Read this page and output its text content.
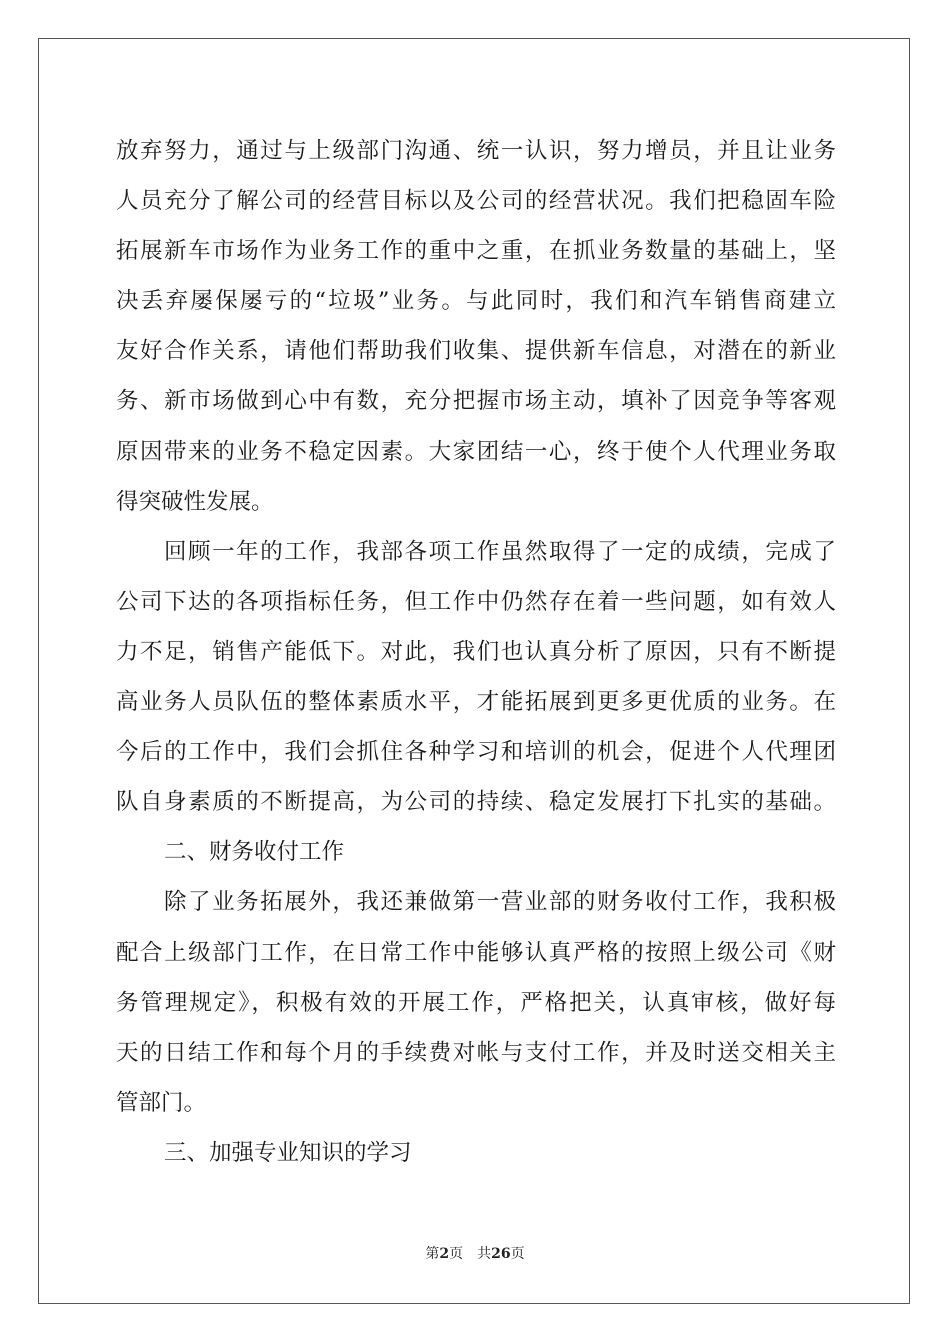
放弃努力，通过与上级部门沟通、统一认识，努力增员，并且让业务
人员充分了解公司的经营目标以及公司的经营状况。我们把稳固车险
拓展新车市场作为业务工作的重中之重，在抓业务数量的基础上，坚
决丢弃屡保屡亏的“垃圾”业务。与此同时，我们和汽车销售商建立
友好合作关系，请他们帮助我们收集、提供新车信息，对潜在的新业
务、新市场做到心中有数，充分把握市场主动，填补了因竞争等客观
原因带来的业务不稳定因素。大家团结一心，终于使个人代理业务取
得突破性发展。
回顾一年的工作，我部各项工作虽然取得了一定的成绩，完成了
公司下达的各项指标任务，但工作中仍然存在着一些问题，如有效人
力不足，销售产能低下。对此，我们也认真分析了原因，只有不断提
高业务人员队伍的整体素质水平，才能拓展到更多更优质的业务。在
今后的工作中，我们会抓住各种学习和培训的机会，促进个人代理团
队自身素质的不断提高，为公司的持续、稳定发展打下扎实的基础。
二、财务收付工作
除了业务拓展外，我还兼做第一营业部的财务收付工作，我积极
配合上级部门工作，在日常工作中能够认真严格的按照上级公司《财
务管理规定》，积极有效的开展工作，严格把关，认真审核，做好每
天的日结工作和每个月的手续费对帐与支付工作，并及时送交相关主
管部门。
三、加强专业知识的学习
第2页 共26页
